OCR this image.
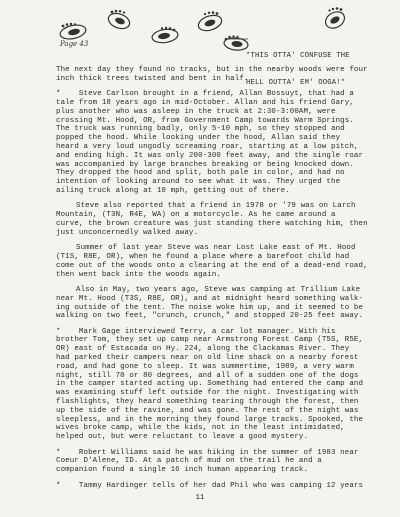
Page 43

*THIS OTTA' CONFUSE THE

HELL OUTTA' EM' OOGA!*

The next day they found no tracks, but in the nearby woods were four
inch thick trees twisted and bent in half.
*    Steve Carlson brought in a friend, Allan Bossuyt, that had a
tale from 18 years ago in mid-October. Allan and his friend Gary,
plus another who was asleep in the truck at 2:30-3:00AM, were
crossing Mt. Hood, OR, from Government Camp towards Warm Springs.
The truck was running badly, only 5-10 mph, so they stopped and
popped the hood. While looking under the hood, Allan said they
heard a very loud ungodly screaming roar, starting at a low pitch,
and ending high. It was only 200-300 feet away, and the single roar
was accompanied by large branches breaking or being knocked down.
They dropped the hood and split, both pale in color, and had no
intention of looking around to see what it was. They urged the
ailing truck along at 10 mph, getting out of there.
Steve also reported that a friend in 1978 or '79 was on Larch
Mountain, (T3N, R4E, WA) on a motorcycle. As he came around a
curve, the brown creature was just standing there watching him, then
just unconcernedly walked away.
Summer of last year Steve was near Lost Lake east of Mt. Hood
(T1S, R8E, OR), when he found a place where a barefoot child had
come out of the woods onto a clearing at the end of a dead-end road,
then went back into the woods again.
Also in May, two years ago, Steve was camping at Trillium Lake
near Mt. Hood (T3S, R8E, OR), and at midnight heard something walk-
ing outside of the tent. The noise woke him up, and it seemed to be
walking on two feet, "crunch, crunch," and stopped 20-25 feet away.
*    Mark Gage interviewed Terry, a car lot manager. With his
brother Tom, they set up camp near Armstrong Forest Camp (T5S, R5E,
OR) east of Estacada on Hy. 224, along the Clackamas River. They
had parked their campers near on old line shack on a nearby forest
road, and had gone to sleep. It was summertime, 1989, a very warm
night, still 70 or 80 degrees, and all of a sudden one of the dogs
in the camper started acting up. Something had entered the camp and
was examining stuff left outside for the night. Investigating with
flashlights, they heard something tearing through the forest, then
up the side of the ravine, and was gone. The rest of the night was
sleepless, and in the morning they found large tracks. Spooked, the
wives broke camp, while the kids, not in the least intimidated,
helped out, but were reluctant to leave a good mystery.
*    Robert Williams said he was hiking in the summer of 1983 near
Coeur D'Alene, ID. At a patch of mud on the trail he and a
companion found a single 16 inch human appearing track.
*    Tammy Hardinger tells of her dad Phil who was camping 12 years
11
